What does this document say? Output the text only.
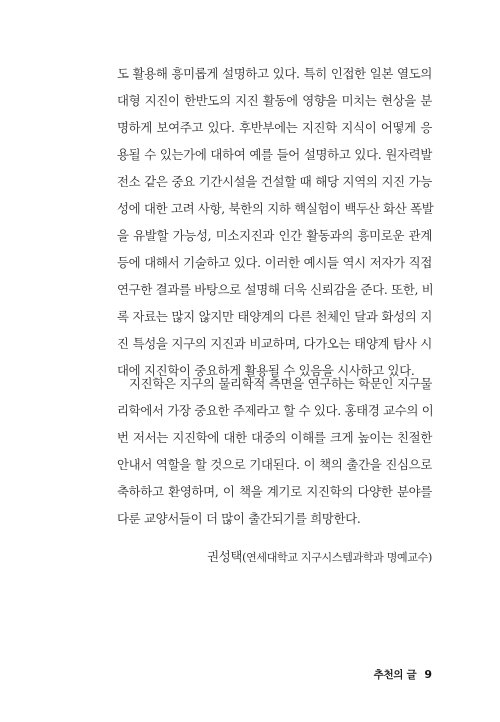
도 활용해 흥미롭게 설명하고 있다. 특히 인접한 일본 열도의
대형 지진이 한반도의 지진 활동에 영향을 미치는 현상을 분
명하게 보여주고 있다. 후반부에는 지진학 지식이 어떻게 응
용될 수 있는가에 대하여 예를 들어 설명하고 있다. 원자력발
전소 같은 중요 기간시설을 건설할 때 해당 지역의 지진 가능
성에 대한 고려 사항, 북한의 지하 핵실험이 백두산 화산 폭발
을 유발할 가능성, 미소지진과 인간 활동과의 흥미로운 관계
등에 대해서 기술하고 있다. 이러한 예시들 역시 저자가 직접
연구한 결과를 바탕으로 설명해 더욱 신뢰감을 준다. 또한, 비
록 자료는 많지 않지만 태양계의 다른 천체인 달과 화성의 지
진 특성을 지구의 지진과 비교하며, 다가오는 태양계 탐사 시
대에 지진학이 중요하게 활용될 수 있음을 시사하고 있다.
지진학은 지구의 물리학적 측면을 연구하는 학문인 지구물
리학에서 가장 중요한 주제라고 할 수 있다. 홍태경 교수의 이
번 저서는 지진학에 대한 대중의 이해를 크게 높이는 친절한
안내서 역할을 할 것으로 기대된다. 이 책의 출간을 진심으로
축하하고 환영하며, 이 책을 계기로 지진학의 다양한 분야를
다룬 교양서들이 더 많이 출간되기를 희망한다.
권성택(연세대학교 지구시스템과학과 명예교수)
추천의 글 9
